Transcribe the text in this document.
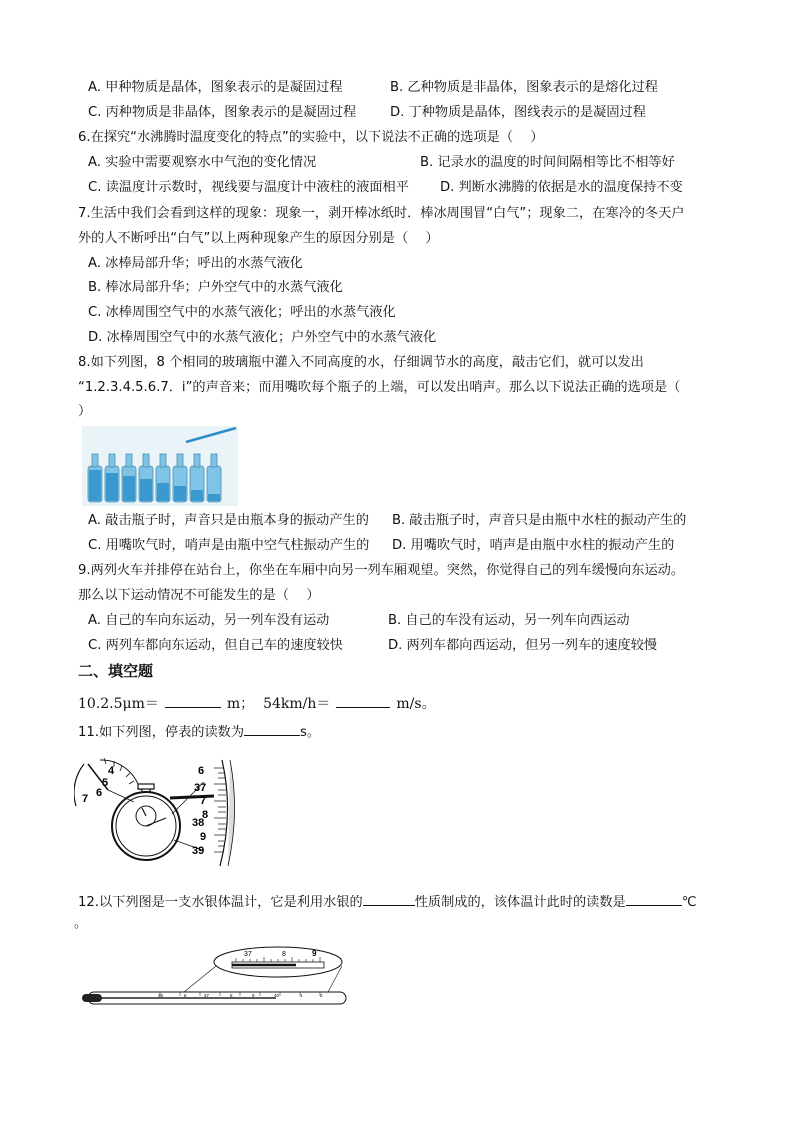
A. 甲种物质是晶体，图象表示的是凝固过程	B. 乙种物质是非晶体，图象表示的是熔化过程
C. 丙种物质是非晶体，图象表示的是凝固过程	D. 丁种物质是晶体，图线表示的是凝固过程
6.在探究“水沸腾时温度变化的特点”的实验中，以下说法不正确的选项是（　 ）
A. 实验中需要观察水中气泡的变化情况	B. 记录水的温度的时间间隔相等比不相等好
C. 读温度计示数时，视线要与温度计中液柱的液面相平 D. 判断水沸腾的依据是水的温度保持不变
7.生活中我们会看到这样的现象：现象一，剥开棒冰纸时．棒冰周围冒“白气”；现象二，在寒冷的冬天户
外的人不断呼出“白气”以上两种现象产生的原因分别是（　 ）
A. 冰棒局部升华；呼出的水蒸气液化
B. 棒冰局部升华；户外空气中的水蒸气液化
C. 冰棒周围空气中的水蒸气液化；呼出的水蒸气液化
D. 冰棒周围空气中的水蒸气液化；户外空气中的水蒸气液化
8.如下列图，8 个相同的玻璃瓶中灌入不同高度的水，仔细调节水的高度，敲击它们，就可以发出
“1.2.3.4.5.6.7．i”的声音来；而用嘴吹每个瓶子的上端，可以发出哨声。那么以下说法正确的选项是（
）
A. 敲击瓶子时，声音只是由瓶本身的振动产生的 B. 敲击瓶子时，声音只是由瓶中水柱的振动产生的
C. 用嘴吹气时，哨声是由瓶中空气柱振动产生的 D. 用嘴吹气时，哨声是由瓶中水柱的振动产生的
9.两列火车并排停在站台上，你坐在车厢中向另一列车厢观望。突然，你觉得自己的列车缓慢向东运动。
那么以下运动情况不可能发生的是（　 ）
A. 自己的车向东运动，另一列车没有运动	B. 自己的车没有运动，另一列车向西运动
C. 两列车都向东运动，但自己车的速度较快	D. 两列车都向西运动，但另一列车的速度较慢
二、填空题
10.2.5μm＝	m； 54km/h＝	m/s。
11.如下列图，停表的读数为	s。
4
5
6
7
6
37
7
8
38
9
39
12.以下列图是一支水银体温计，它是利用水银的	性质制成的，该体温计此时的读数是	℃
。
37	8	9
35	6	37	8	9	40	1	2
